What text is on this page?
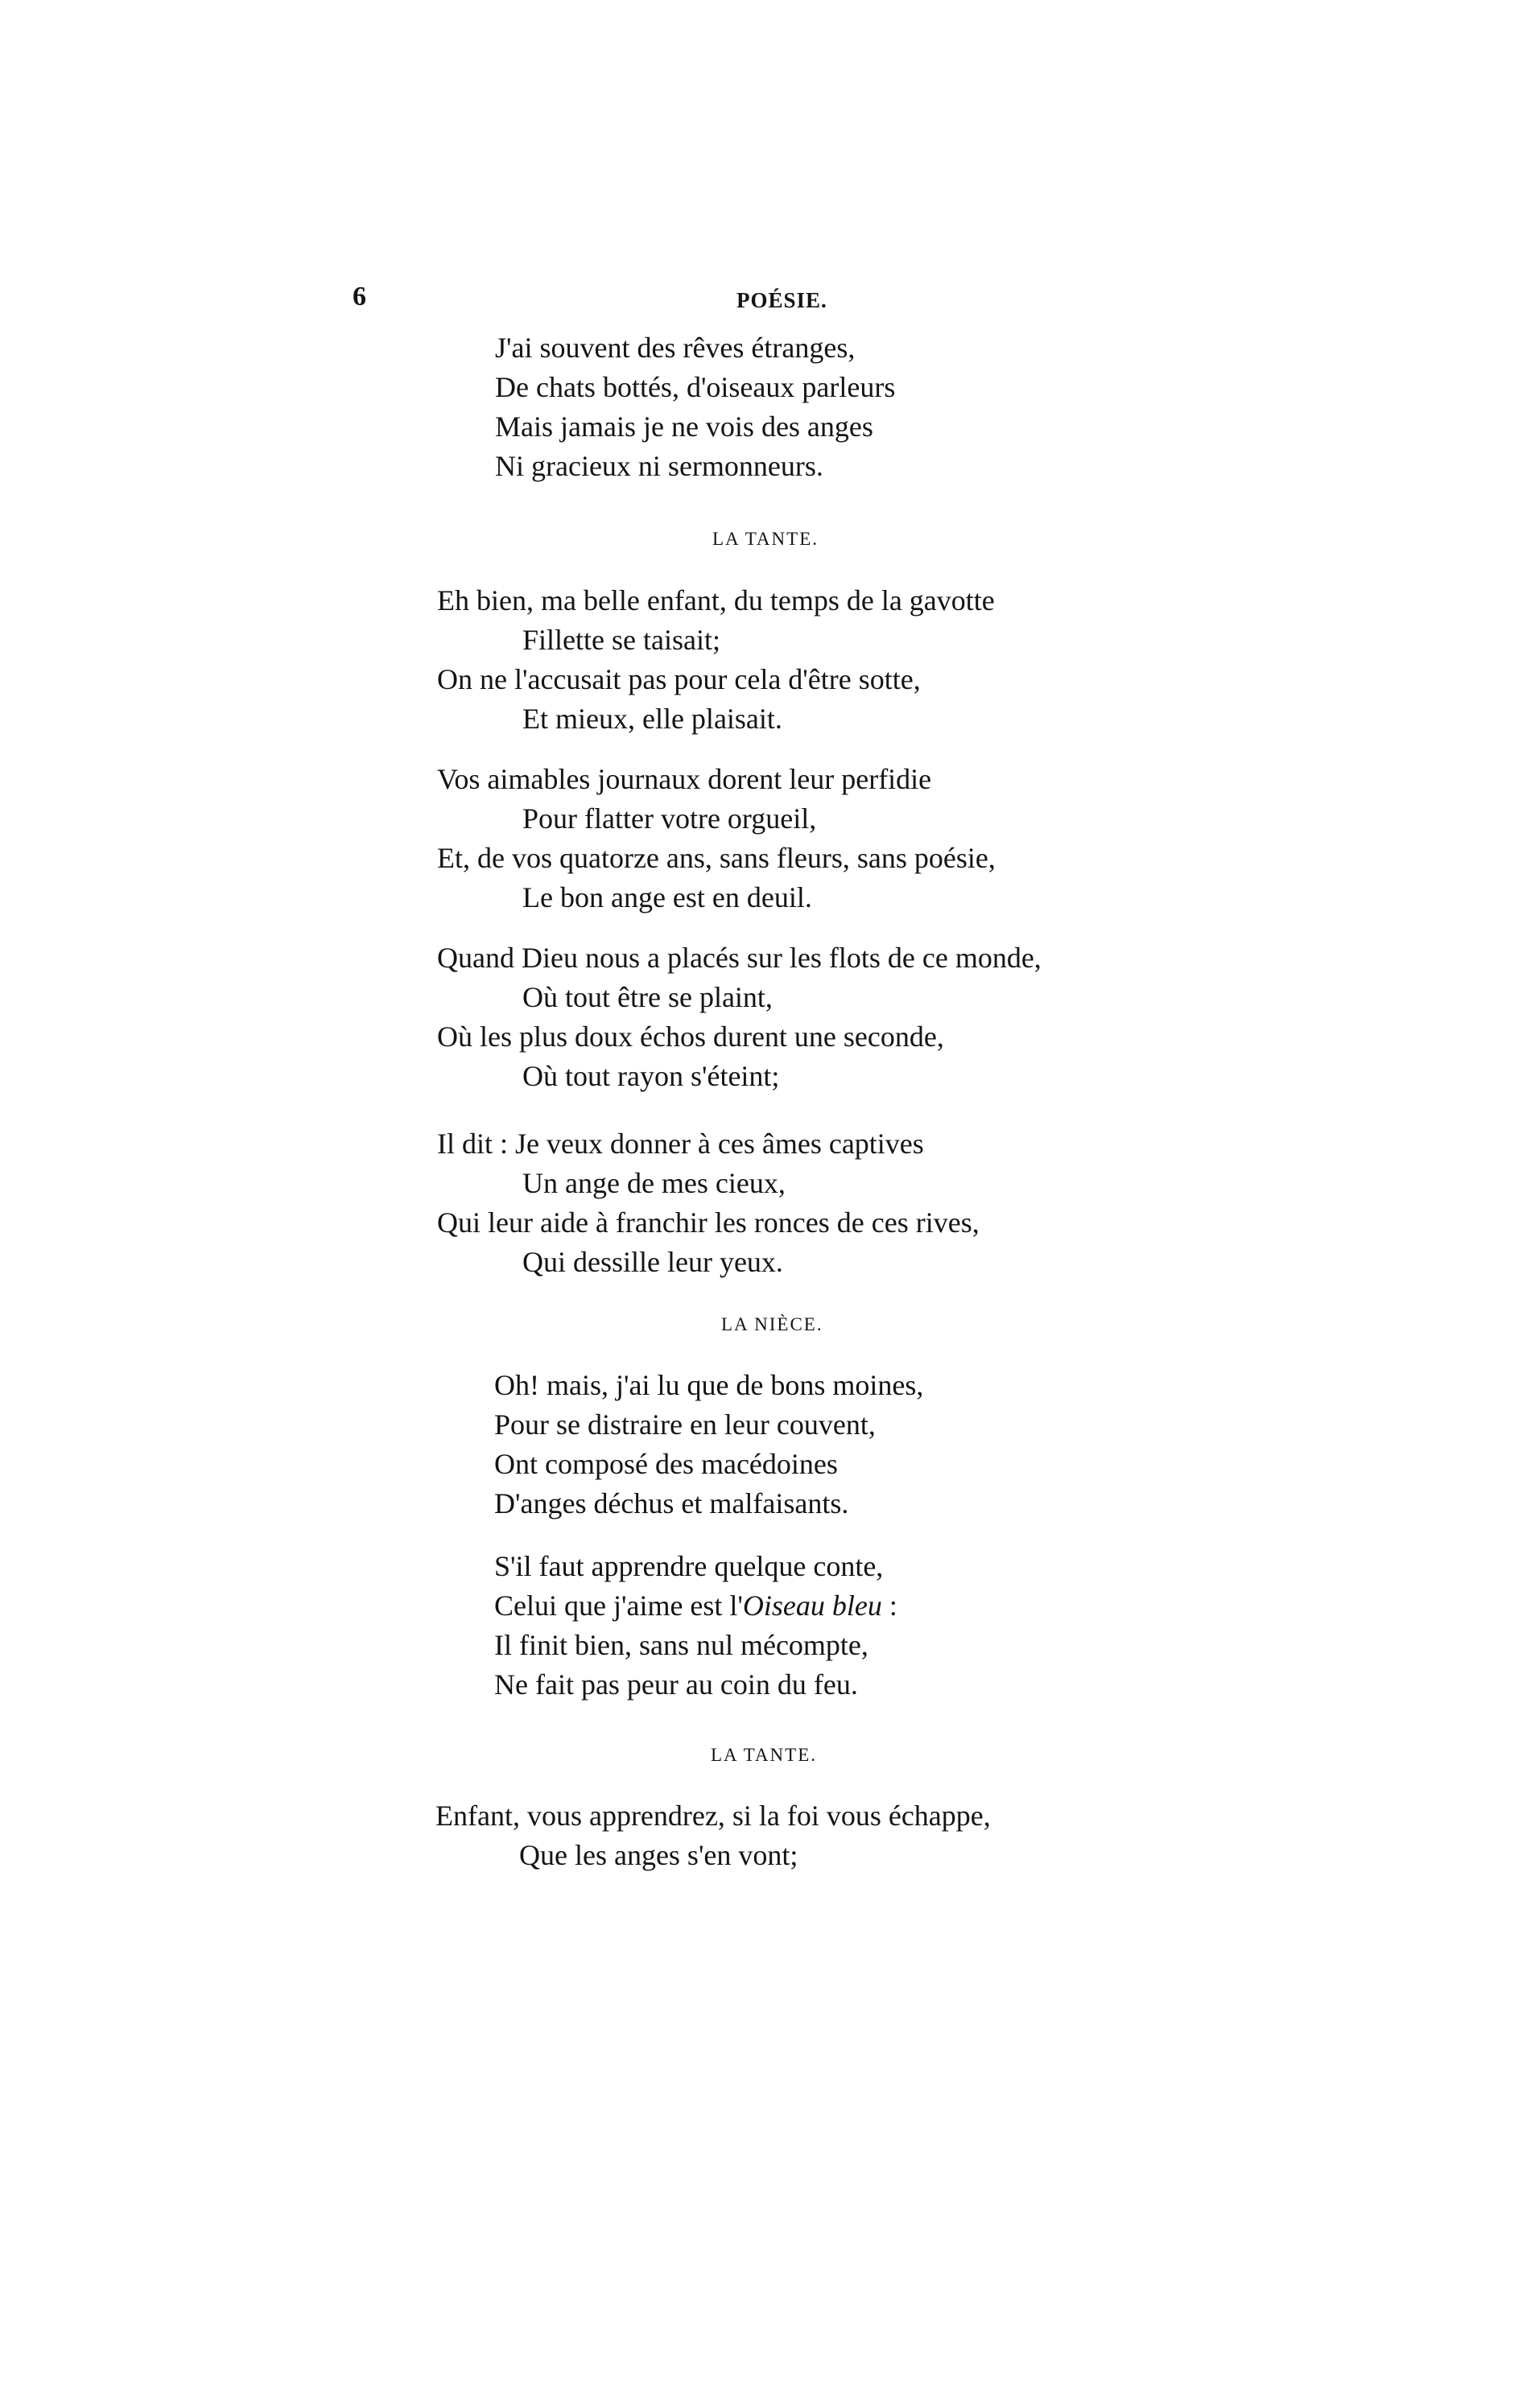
6	POÉSIE.
J'ai souvent des rêves étranges,
De chats bottés, d'oiseaux parleurs
Mais jamais je ne vois des anges
Ni gracieux ni sermonneurs.
LA TANTE.
Eh bien, ma belle enfant, du temps de la gavotte
Fillette se taisait;
On ne l'accusait pas pour cela d'être sotte,
Et mieux, elle plaisait.
Vos aimables journaux dorent leur perfidie
Pour flatter votre orgueil,
Et, de vos quatorze ans, sans fleurs, sans poésie,
Le bon ange est en deuil.
Quand Dieu nous a placés sur les flots de ce monde,
Où tout être se plaint,
Où les plus doux échos durent une seconde,
Où tout rayon s'éteint;
Il dit : Je veux donner à ces âmes captives
Un ange de mes cieux,
Qui leur aide à franchir les ronces de ces rives,
Qui dessille leur yeux.
LA NIÈCE.
Oh! mais, j'ai lu que de bons moines,
Pour se distraire en leur couvent,
Ont composé des macédoines
D'anges déchus et malfaisants.
S'il faut apprendre quelque conte,
Celui que j'aime est l'Oiseau bleu :
Il finit bien, sans nul mécompte,
Ne fait pas peur au coin du feu.
LA TANTE.
Enfant, vous apprendrez, si la foi vous échappe,
Que les anges s'en vont;
